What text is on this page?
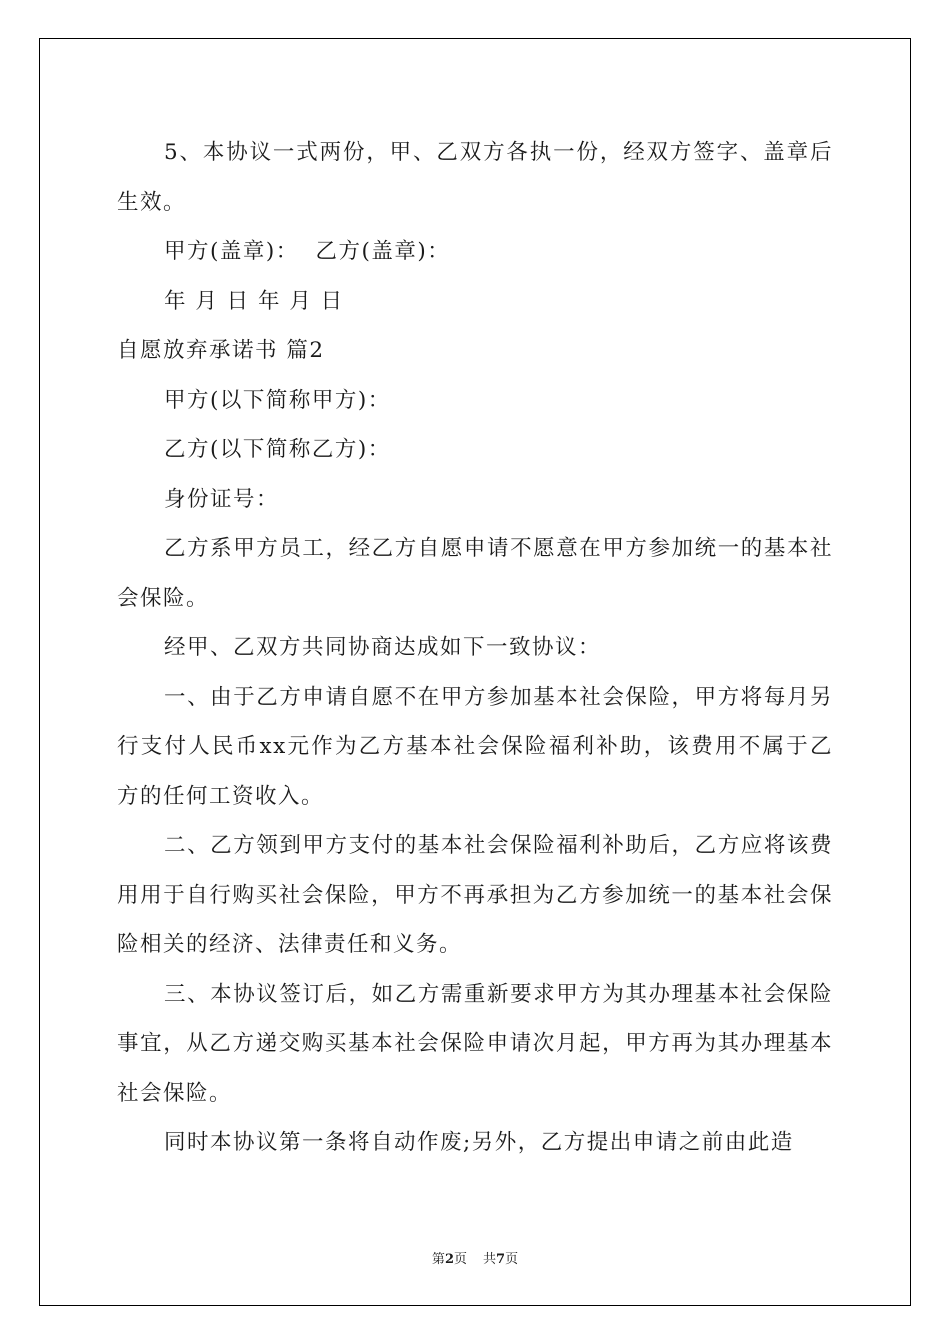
5、本协议一式两份，甲、乙双方各执一份，经双方签字、盖章后生效。

甲方(盖章)：  乙方(盖章)：

年 月 日 年 月 日

自愿放弃承诺书 篇2

甲方(以下简称甲方)：

乙方(以下简称乙方)：

身份证号：

乙方系甲方员工，经乙方自愿申请不愿意在甲方参加统一的基本社会保险。

经甲、乙双方共同协商达成如下一致协议：

一、由于乙方申请自愿不在甲方参加基本社会保险，甲方将每月另行支付人民币xx元作为乙方基本社会保险福利补助，该费用不属于乙方的任何工资收入。

二、乙方领到甲方支付的基本社会保险福利补助后，乙方应将该费用用于自行购买社会保险，甲方不再承担为乙方参加统一的基本社会保险相关的经济、法律责任和义务。

三、本协议签订后，如乙方需重新要求甲方为其办理基本社会保险事宜，从乙方递交购买基本社会保险申请次月起，甲方再为其办理基本社会保险。

同时本协议第一条将自动作废;另外，乙方提出申请之前由此造

第2页 共7页
